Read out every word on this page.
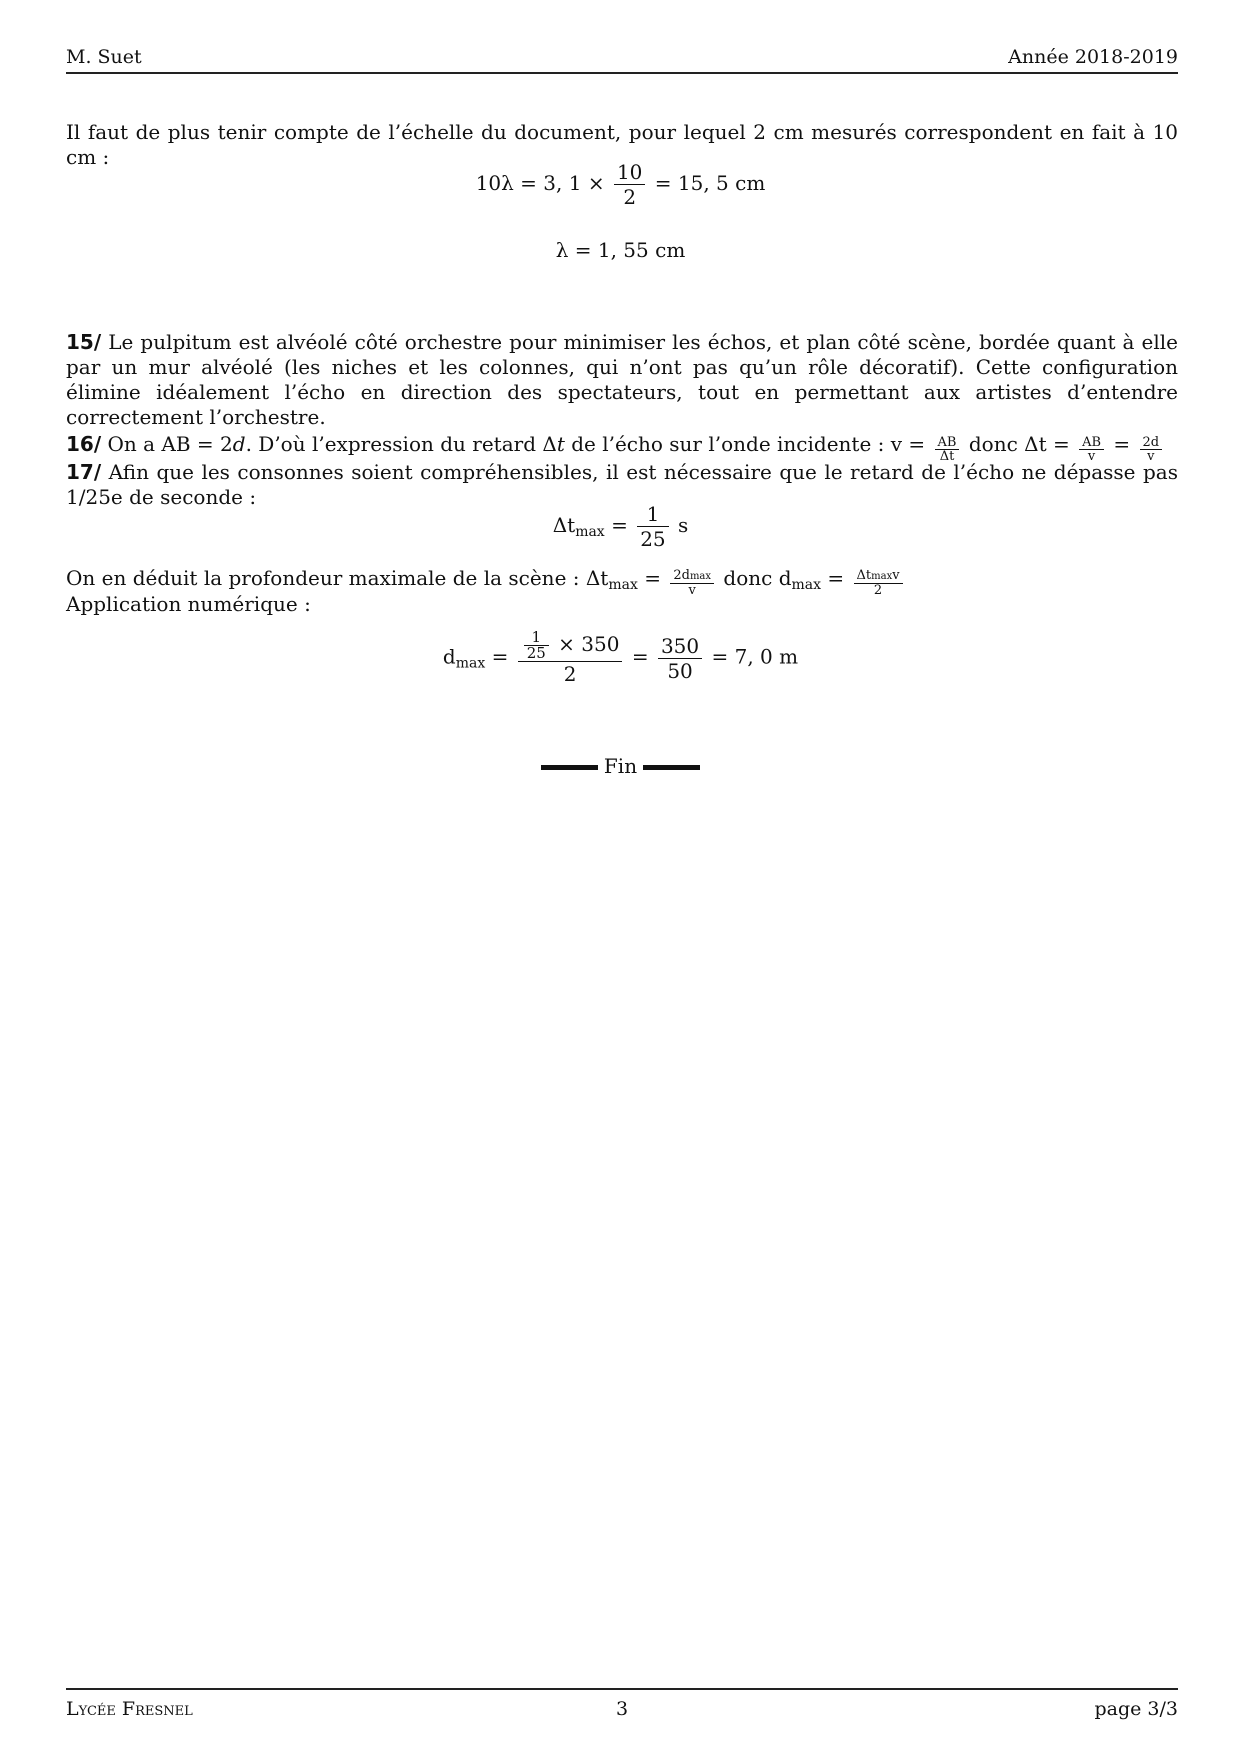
M. Suet	Année 2018-2019
Il faut de plus tenir compte de l’échelle du document, pour lequel 2 cm mesurés correspondent en fait à 10 cm :
10λ = 3, $1 \times \frac{10}{2} = 15$, 5 cm
λ = 1, 55 cm
15/ Le pulpitum est alvéolé côté orchestre pour minimiser les échos, et plan côté scène, bordée quant à elle par un mur alvéolé (les niches et les colonnes, qui n’ont pas qu’un rôle décoratif). Cette configuration élimine idéalement l’écho en direction des spectateurs, tout en permettant aux artistes d’entendre correctement l’orchestre.
16/ On a AB = 2d. D’où l’expression du retard Δt de l’écho sur l’onde incidente : $v = \frac{AB}{\Delta t}$ donc $\Delta t = \frac{AB}{v} = \frac{2d}{v}$
17/ Afin que les consonnes soient compréhensibles, il est nécessaire que le retard de l’écho ne dépasse pas 1/25e de seconde :
$\Delta t_{max} = \frac{1}{25}$ s
On en déduit la profondeur maximale de la scène : $\Delta t_{max} = \frac{2dmax}{v}$ donc $d_{max} = \frac{\Delta tmaxv}{2}$
Application numérique :
$d_{max} = \frac{\frac{1}{25} \times 350}{2} = \frac{350}{50} = 7$, 0 m
Fin
Lycée Fresnel	3	page 3/3
